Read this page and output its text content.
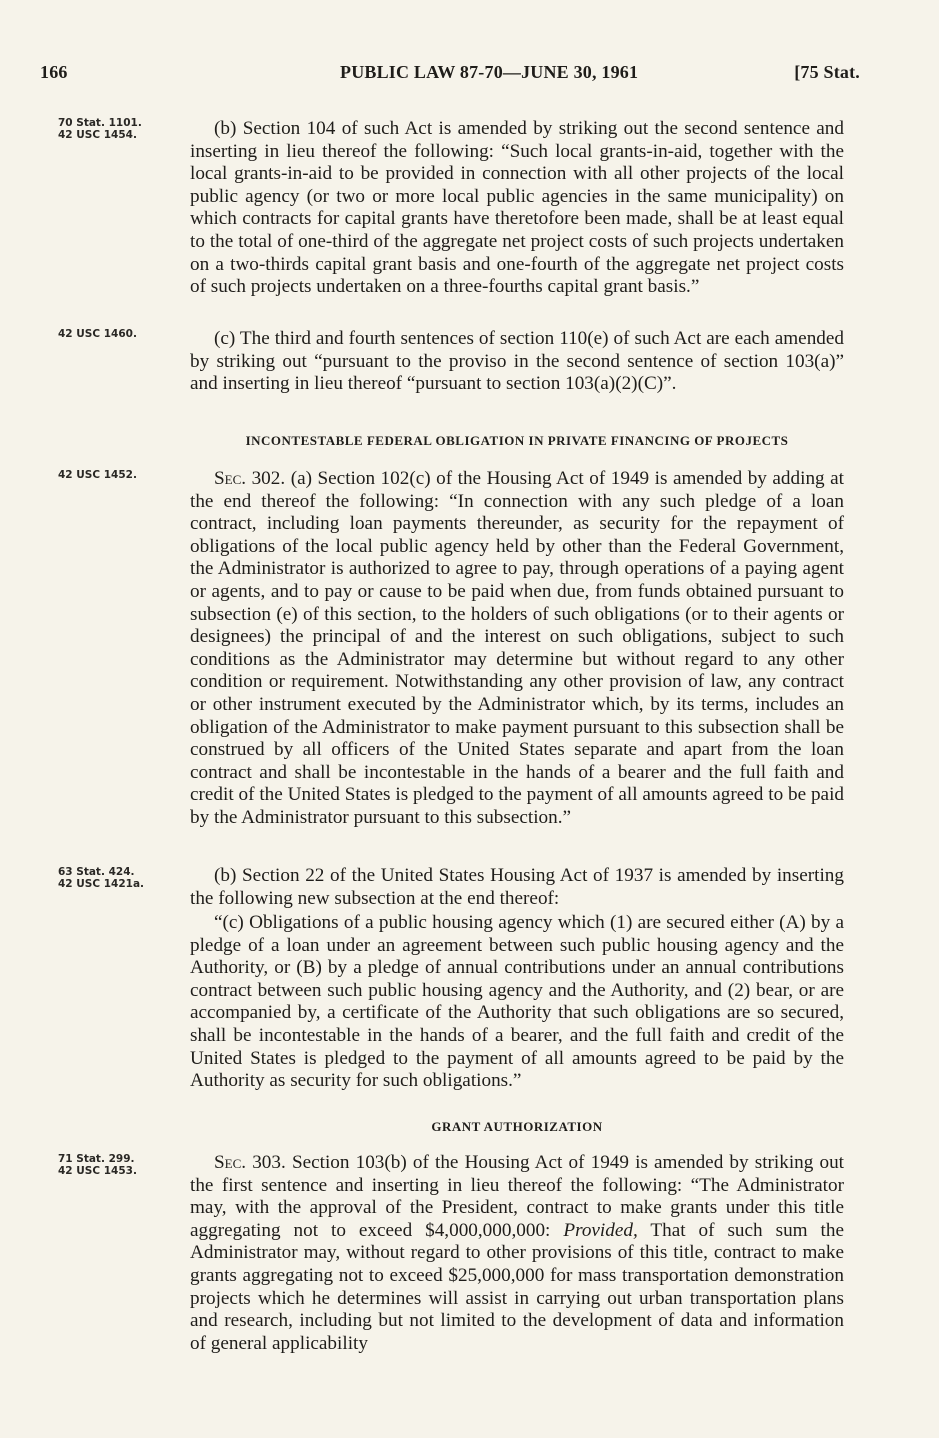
166	PUBLIC LAW 87-70—JUNE 30, 1961	[75 Stat.
70 Stat. 1101.
42 USC 1454.	(b) Section 104 of such Act is amended by striking out the second sentence and inserting in lieu thereof the following: “Such local grants-in-aid, together with the local grants-in-aid to be provided in connection with all other projects of the local public agency (or two or more local public agencies in the same municipality) on which contracts for capital grants have theretofore been made, shall be at least equal to the total of one-third of the aggregate net project costs of such projects undertaken on a two-thirds capital grant basis and one-fourth of the aggregate net project costs of such projects undertaken on a three-fourths capital grant basis.”

42 USC 1460.	(c) The third and fourth sentences of section 110(e) of such Act are each amended by striking out “pursuant to the proviso in the second sentence of section 103(a)” and inserting in lieu thereof “pursuant to section 103(a)(2)(C)”.

INCONTESTABLE FEDERAL OBLIGATION IN PRIVATE FINANCING OF PROJECTS
42 USC 1452.	Sec. 302. (a) Section 102(c) of the Housing Act of 1949 is amended by adding at the end thereof the following: “In connection with any such pledge of a loan contract, including loan payments thereunder, as security for the repayment of obligations of the local public agency held by other than the Federal Government, the Administrator is authorized to agree to pay, through operations of a paying agent or agents, and to pay or cause to be paid when due, from funds obtained pursuant to subsection (e) of this section, to the holders of such obligations (or to their agents or designees) the principal of and the interest on such obligations, subject to such conditions as the Administrator may determine but without regard to any other condition or requirement. Notwithstanding any other provision of law, any contract or other instrument executed by the Administrator which, by its terms, includes an obligation of the Administrator to make payment pursuant to this subsection shall be construed by all officers of the United States separate and apart from the loan contract and shall be incontestable in the hands of a bearer and the full faith and credit of the United States is pledged to the payment of all amounts agreed to be paid by the Administrator pursuant to this subsection.”

63 Stat. 424.
42 USC 1421a.	(b) Section 22 of the United States Housing Act of 1937 is amended by inserting the following new subsection at the end thereof:

“(c) Obligations of a public housing agency which (1) are secured either (A) by a pledge of a loan under an agreement between such public housing agency and the Authority, or (B) by a pledge of annual contributions under an annual contributions contract between such public housing agency and the Authority, and (2) bear, or are accompanied by, a certificate of the Authority that such obligations are so secured, shall be incontestable in the hands of a bearer, and the full faith and credit of the United States is pledged to the payment of all amounts agreed to be paid by the Authority as security for such obligations.”

GRANT AUTHORIZATION
71 Stat. 299.
42 USC 1453.	Sec. 303. Section 103(b) of the Housing Act of 1949 is amended by striking out the first sentence and inserting in lieu thereof the following: “The Administrator may, with the approval of the President, contract to make grants under this title aggregating not to exceed $4,000,000,000: Provided, That of such sum the Administrator may, without regard to other provisions of this title, contract to make grants aggregating not to exceed $25,000,000 for mass transportation demonstration projects which he determines will assist in carrying out urban transportation plans and research, including but not limited to the development of data and information of general applicability
